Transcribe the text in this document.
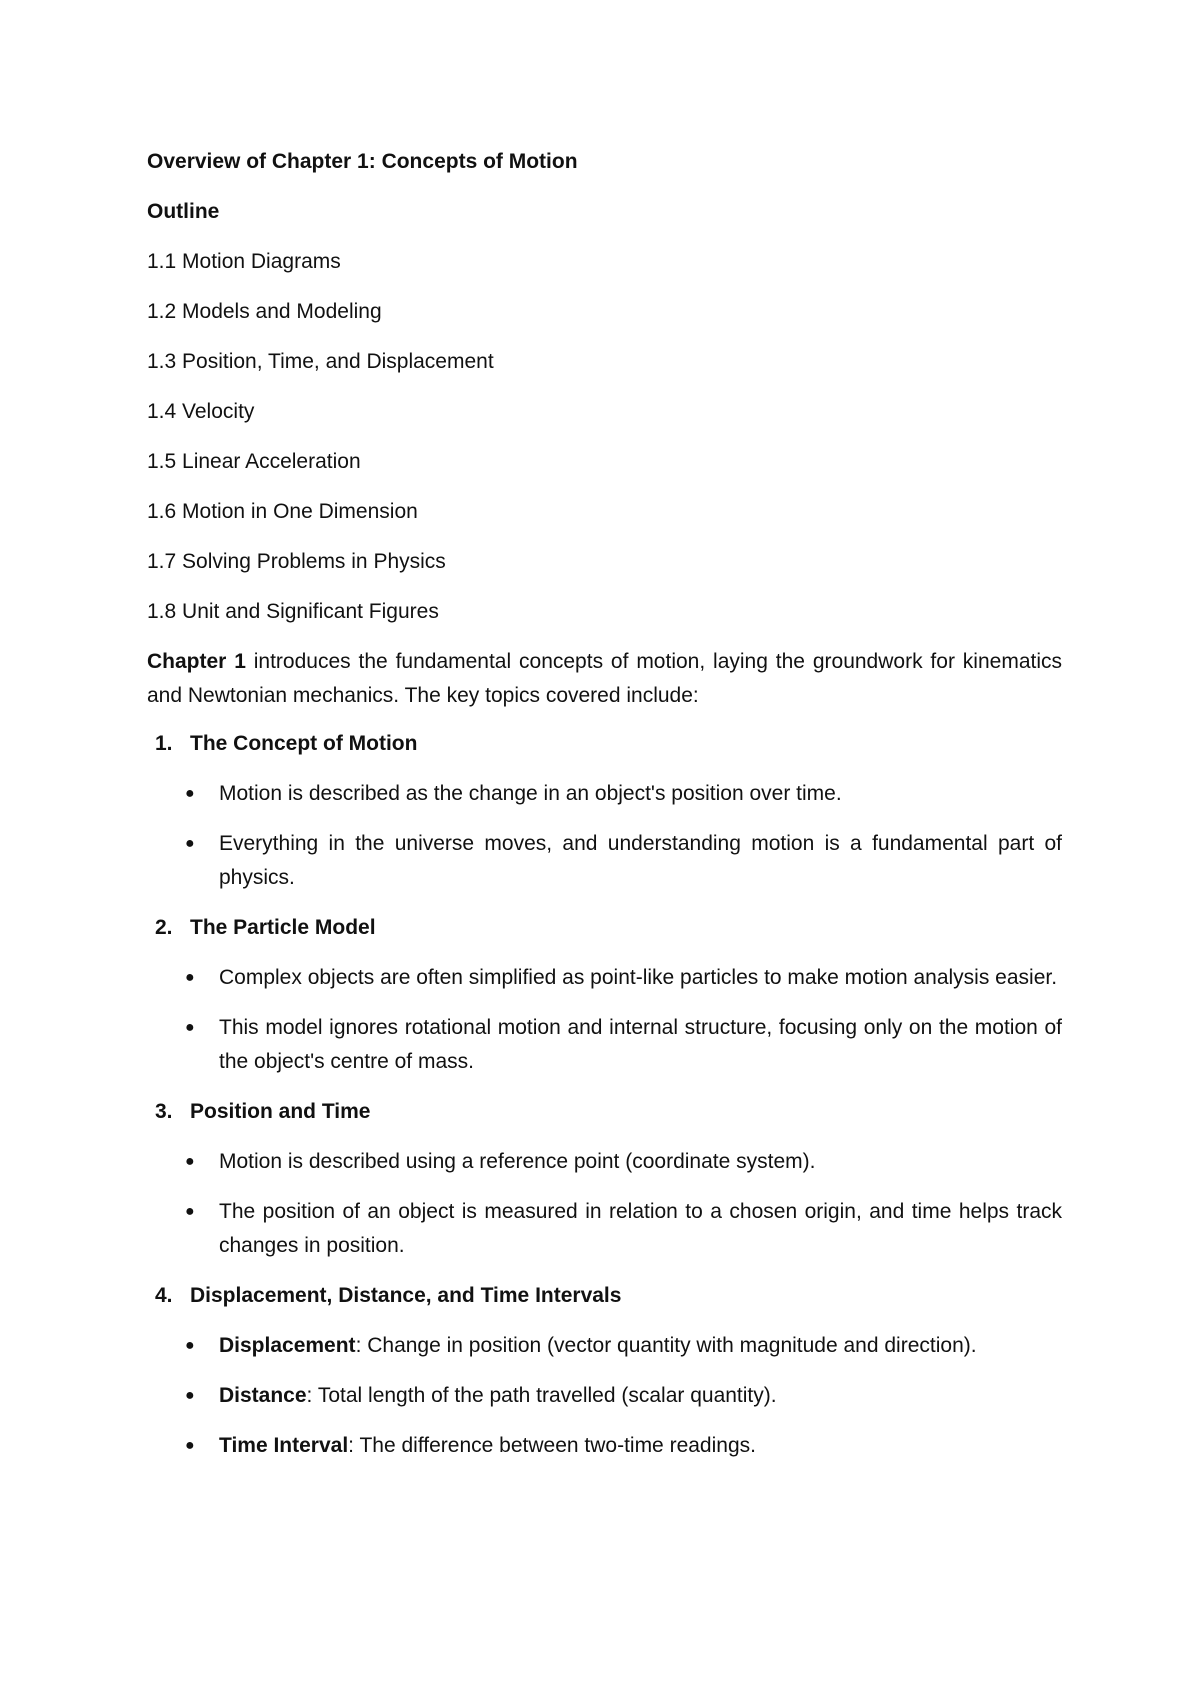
Overview of Chapter 1: Concepts of Motion

Outline

1.1 Motion Diagrams

1.2 Models and Modeling

1.3 Position, Time, and Displacement

1.4 Velocity

1.5 Linear Acceleration

1.6 Motion in One Dimension

1.7 Solving Problems in Physics

1.8 Unit and Significant Figures

Chapter 1 introduces the fundamental concepts of motion, laying the groundwork for kinematics and Newtonian mechanics. The key topics covered include:

1. The Concept of Motion

● Motion is described as the change in an object's position over time.
● Everything in the universe moves, and understanding motion is a fundamental part of physics.

2. The Particle Model

● Complex objects are often simplified as point-like particles to make motion analysis easier.
● This model ignores rotational motion and internal structure, focusing only on the motion of the object's centre of mass.

3. Position and Time

● Motion is described using a reference point (coordinate system).
● The position of an object is measured in relation to a chosen origin, and time helps track changes in position.

4. Displacement, Distance, and Time Intervals

● Displacement: Change in position (vector quantity with magnitude and direction).
● Distance: Total length of the path travelled (scalar quantity).
● Time Interval: The difference between two-time readings.
